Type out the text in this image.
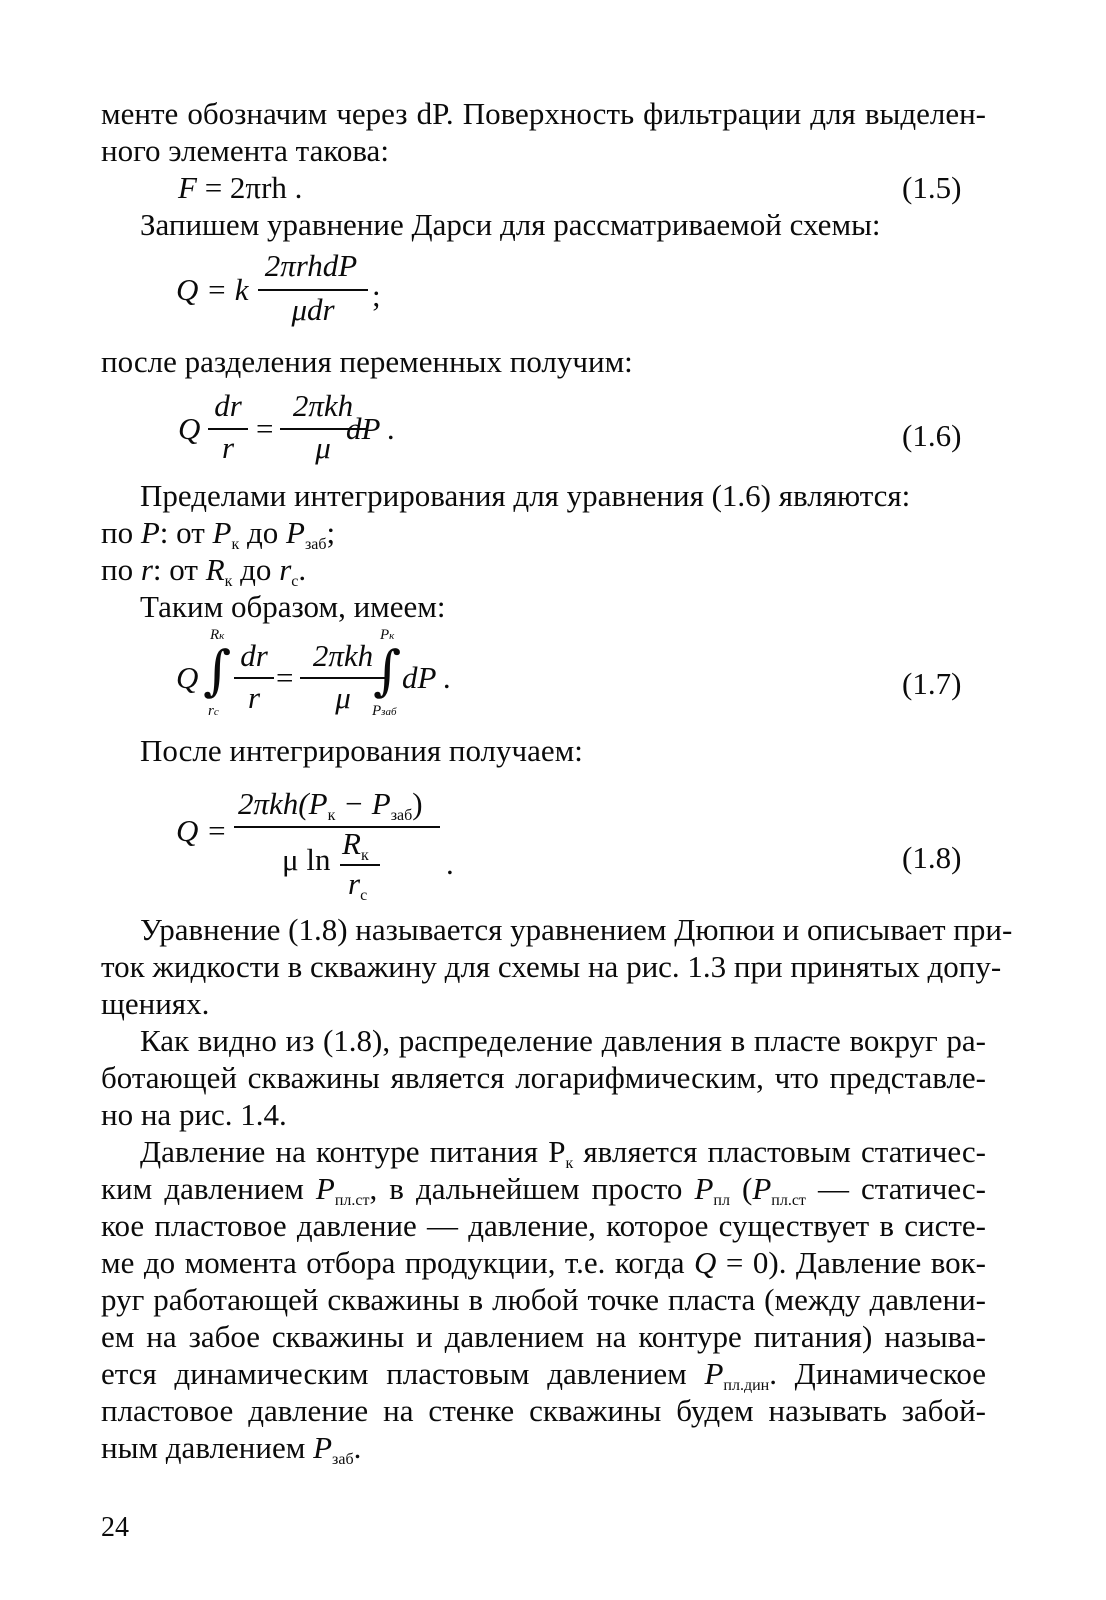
менте обозначим через dP. Поверхность фильтрации для выделен-
ного элемента такова:
F = 2πrh .	(1.5)
Запишем уравнение Дарси для рассматриваемой схемы:
Q = k
2πrhdP
μdr	;
после разделения переменных получим:
Q
dr
r
=
2πkh
μ
dP .	(1.6)
Пределами интегрирования для уравнения (1.6) являются:
по P: от $P_к$ до $P_{заб}$;
по r: от $R_к$ до $r_с$.
Таким образом, имеем:
Q
Rк
∫
rс
dr
r
=
2πkh
μ
Pк
∫
Pзаб
dP .	(1.7)
После интегрирования получаем:
Q =
$2\pi kh(P_к - P_{заб})$
μ $\ln R_к$
$r_с$
.	(1.8)
Уравнение (1.8) называется уравнением Дюпюи и описывает при-
ток жидкости в скважину для схемы на рис. 1.3 при принятых допу-
щениях.
Как видно из (1.8), распределение давления в пласте вокруг ра-
ботающей скважины является логарифмическим, что представле-
но на рис. 1.4.
Давление на контуре питания $Р_к$ является пластовым статичес-
ким давлением $P_{пл.ст}$, в дальнейшем просто $P_{пл}$ ($P_{пл.ст}$ — статичес-
кое пластовое давление — давление, которое существует в систе-
ме до момента отбора продукции, т.е. когда Q = 0). Давление вок-
руг работающей скважины в любой точке пласта (между давлени-
ем на забое скважины и давлением на контуре питания) называ-
ется динамическим пластовым давлением $P_{пл.дин}$. Динамическое
пластовое давление на стенке скважины будем называть забой-
ным давлением $P_{заб}$.
24
